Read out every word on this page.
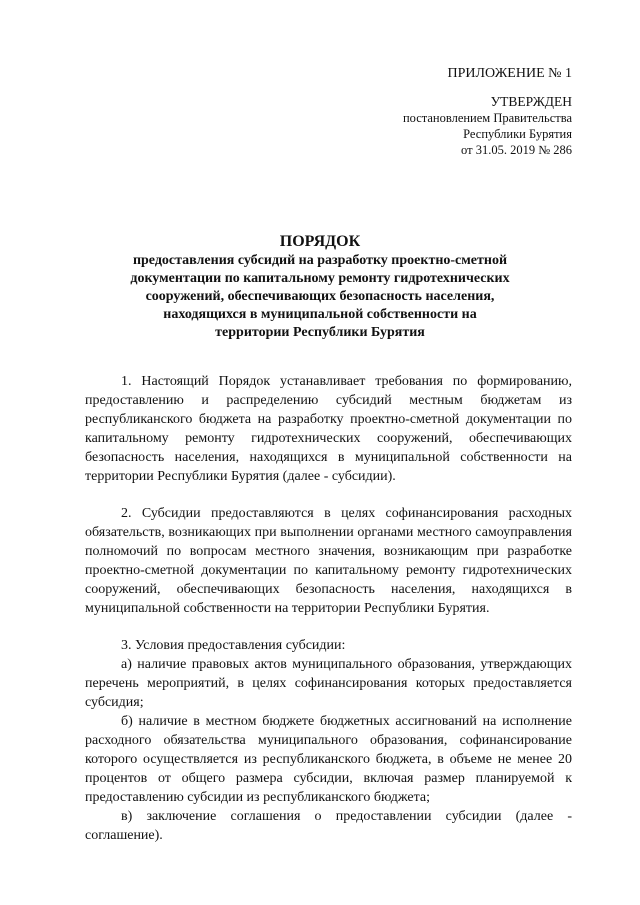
ПРИЛОЖЕНИЕ № 1
УТВЕРЖДЕН
постановлением Правительства
Республики Бурятия
от 31.05. 2019 № 286
ПОРЯДОК
предоставления субсидий на разработку проектно-сметной
документации по капитальному ремонту гидротехнических
сооружений, обеспечивающих безопасность населения,
находящихся в муниципальной собственности на
территории Республики Бурятия

1. Настоящий Порядок устанавливает требования по формированию, предоставлению и распределению субсидий местным бюджетам из республиканского бюджета на разработку проектно-сметной документации по капитальному ремонту гидротехнических сооружений, обеспечивающих безопасность населения, находящихся в муниципальной собственности на территории Республики Бурятия (далее - субсидии).

2. Субсидии предоставляются в целях софинансирования расходных обязательств, возникающих при выполнении органами местного самоуправления полномочий по вопросам местного значения, возникающим при разработке проектно-сметной документации по капитальному ремонту гидротехнических сооружений, обеспечивающих безопасность населения, находящихся в муниципальной собственности на территории Республики Бурятия.

3. Условия предоставления субсидии:

а) наличие правовых актов муниципального образования, утверждающих перечень мероприятий, в целях софинансирования которых предоставляется субсидия;

б) наличие в местном бюджете бюджетных ассигнований на исполнение расходного обязательства муниципального образования, софинансирование которого осуществляется из республиканского бюджета, в объеме не менее 20 процентов от общего размера субсидии, включая размер планируемой к предоставлению субсидии из республиканского бюджета;

в) заключение соглашения о предоставлении субсидии (далее - соглашение).
